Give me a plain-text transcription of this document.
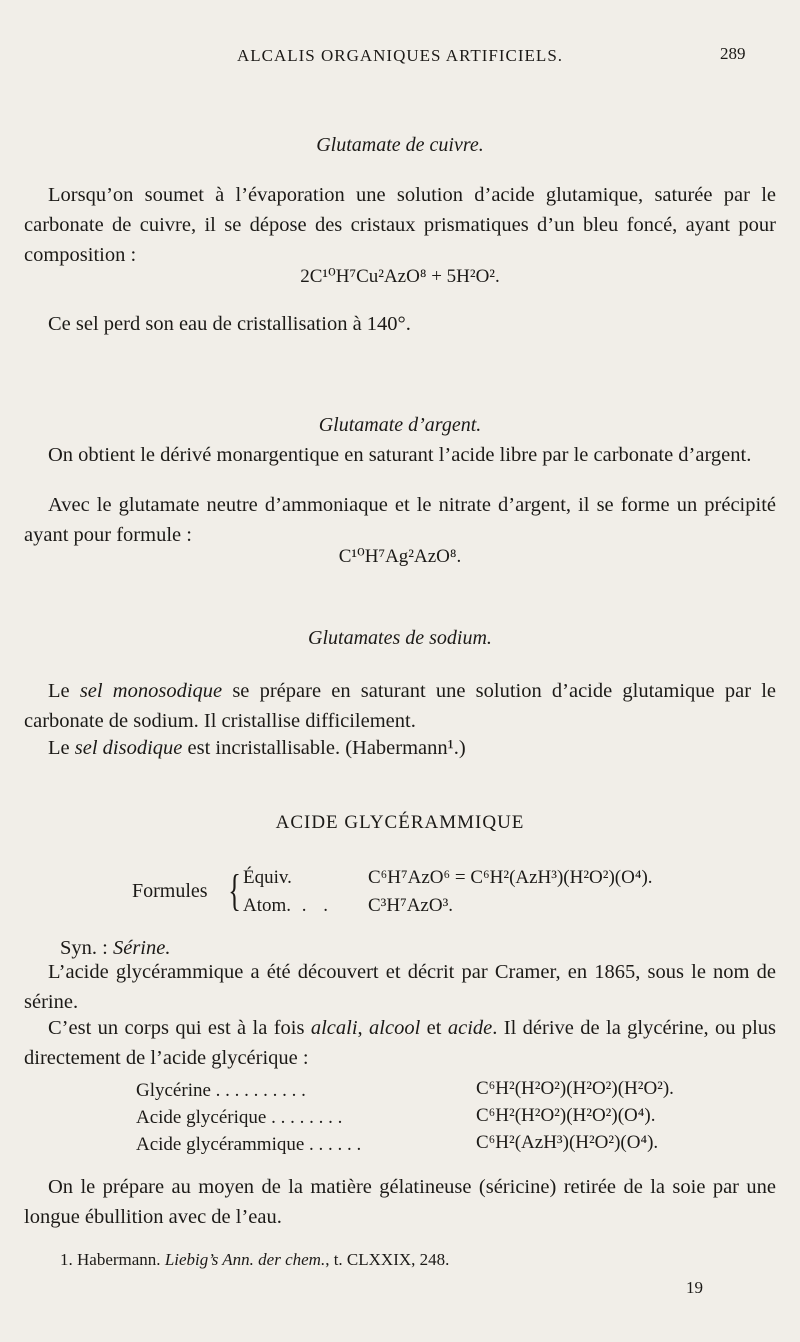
ALCALIS ORGANIQUES ARTIFICIELS.	289
Glutamate de cuivre.
Lorsqu’on soumet à l’évaporation une solution d’acide glutamique, saturée par le carbonate de cuivre, il se dépose des cristaux prismatiques d’un bleu foncé, ayant pour composition :
2C¹⁰H⁷Cu²AzO⁸ + 5H²O².
Ce sel perd son eau de cristallisation à 140°.
Glutamate d’argent.
On obtient le dérivé monargentique en saturant l’acide libre par le carbonate d’argent.
Avec le glutamate neutre d’ammoniaque et le nitrate d’argent, il se forme un précipité ayant pour formule :
C¹⁰H⁷Ag²AzO⁸.
Glutamates de sodium.
Le sel monosodique se prépare en saturant une solution d’acide glutamique par le carbonate de sodium. Il cristallise difficilement.
Le sel disodique est incristallisable. (Habermann¹.)
ACIDE GLYCÉRAMMIQUE
Formules { Équiv.	C⁶H⁷AzO⁶ = C⁶H²(AzH³)(H²O²)(O⁴).
Atom. . . C³H⁷AzO³.
Syn. : Sérine.
L’acide glycérammique a été découvert et décrit par Cramer, en 1865, sous le nom de sérine.
C’est un corps qui est à la fois alcali, alcool et acide. Il dérive de la glycérine, ou plus directement de l’acide glycérique :
Glycérine . . . . . . . . . .	C⁶H²(H²O²)(H²O²)(H²O²).
Acide glycérique . . . . . . . .	C⁶H²(H²O²)(H²O²)(O⁴).
Acide glycérammique . . . . . .	C⁶H²(AzH³)(H²O²)(O⁴).
On le prépare au moyen de la matière gélatineuse (séricine) retirée de la soie par une longue ébullition avec de l’eau.
1. Habermann. Liebig’s Ann. der chem., t. CLXXIX, 248.
19
